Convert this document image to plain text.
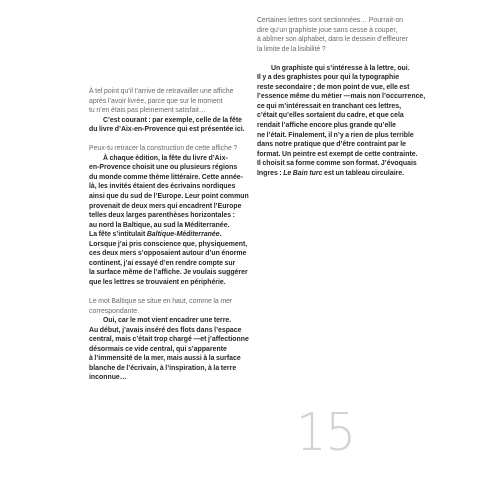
Certaines lettres sont sectionnées… Pourrait-on
dire qu’un graphiste joue sans cesse à couper,
à abîmer son alphabet, dans le dessein d’effleurer
la limite de la lisibilité ?
Un graphiste qui s’intéresse à la lettre, oui.
Il y a des graphistes pour qui la typographie
reste secondaire ; de mon point de vue, elle est
l’essence même du métier —mais non l’occurrence,
ce qui m’intéressait en tranchant ces lettres,
c’était qu’elles sortaient du cadre, et que cela
rendait l’affiche encore plus grande qu’elle
ne l’était. Finalement, il n’y a rien de plus terrible
dans notre pratique que d’être contraint par le
format. Un peintre est exempt de cette contrainte.
Il choisit sa forme comme son format. J’évoquais
Ingres : Le Bain turc est un tableau circulaire.
À tel point qu’il t’arrive de retravailler une affiche
après l’avoir livrée, parce que sur le moment
tu n’en étais pas pleinement satisfait…
C’est courant : par exemple, celle de la fête
du livre d’Aix-en-Provence qui est présentée ici.
Peux-tu retracer la construction de cette affiche ?
À chaque édition, la fête du livre d’Aix-
en-Provence choisit une ou plusieurs régions
du monde comme thème littéraire. Cette année-
là, les invités étaient des écrivains nordiques
ainsi que du sud de l’Europe. Leur point commun
provenait de deux mers qui encadrent l’Europe
telles deux larges parenthèses horizontales :
au nord la Baltique, au sud la Méditerranée.
La fête s’intitulait Baltique-Méditerranée.
Lorsque j’ai pris conscience que, physiquement,
ces deux mers s’opposaient autour d’un énorme
continent, j’ai essayé d’en rendre compte sur
la surface même de l’affiche. Je voulais suggérer
que les lettres se trouvaient en périphérie.
Le mot Baltique se situe en haut, comme la mer
correspondante.
Oui, car le mot vient encadrer une terre.
Au début, j’avais inséré des flots dans l’espace
central, mais c’était trop chargé —et j’affectionne
désormais ce vide central, qui s’apparente
à l’immensité de la mer, mais aussi à la surface
blanche de l’écrivain, à l’inspiration, à la terre
inconnue…
15
